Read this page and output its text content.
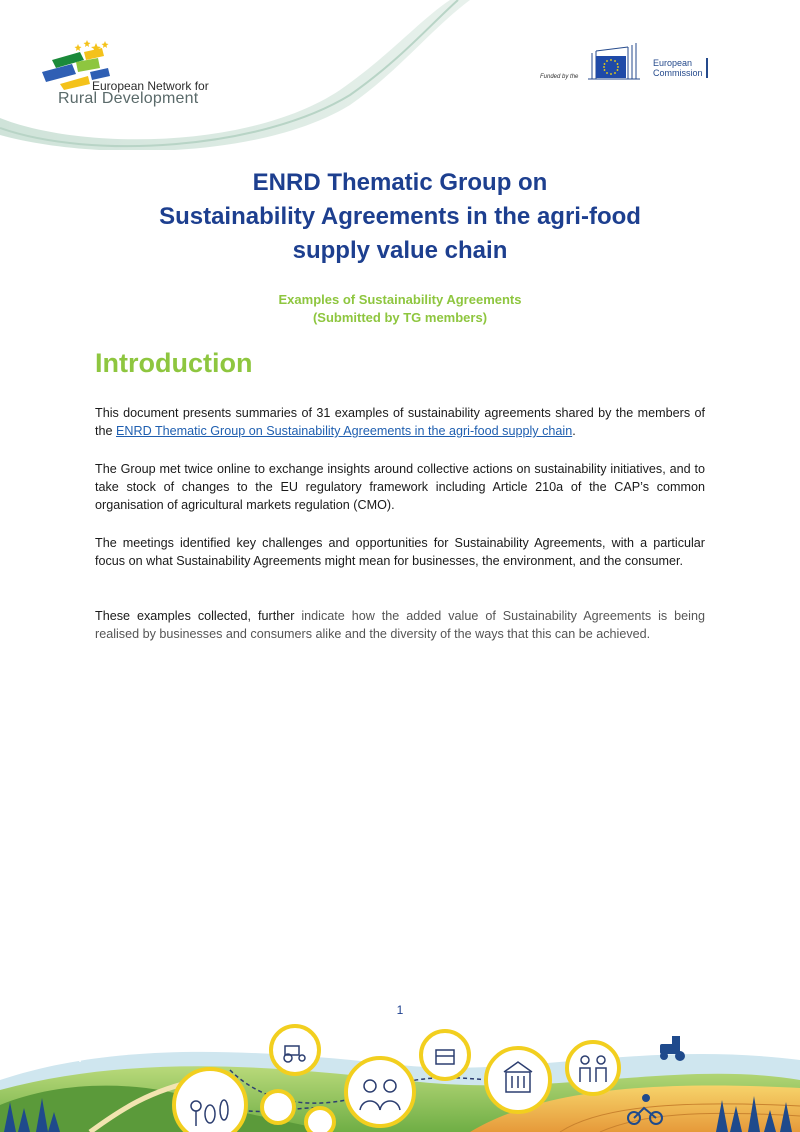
European Network for
Rural Development
Funded by the
European
Commission
ENRD Thematic Group on
Sustainability Agreements in the agri-food
supply value chain
Examples of Sustainability Agreements
(Submitted by TG members)
Introduction

This document presents summaries of 31 examples of sustainability agreements shared by the members of the ENRD Thematic Group on Sustainability Agreements in the agri-food supply chain.

The Group met twice online to exchange insights around collective actions on sustainability initiatives, and to take stock of changes to the EU regulatory framework including Article 210a of the CAP’s common organisation of agricultural markets regulation (CMO).

The meetings identified key challenges and opportunities for Sustainability Agreements, with a particular focus on what Sustainability Agreements might mean for businesses, the environment, and the consumer.

These examples collected, further indicate how the added value of Sustainability Agreements is being realised by businesses and consumers alike and the diversity of the ways that this can be achieved.

1
